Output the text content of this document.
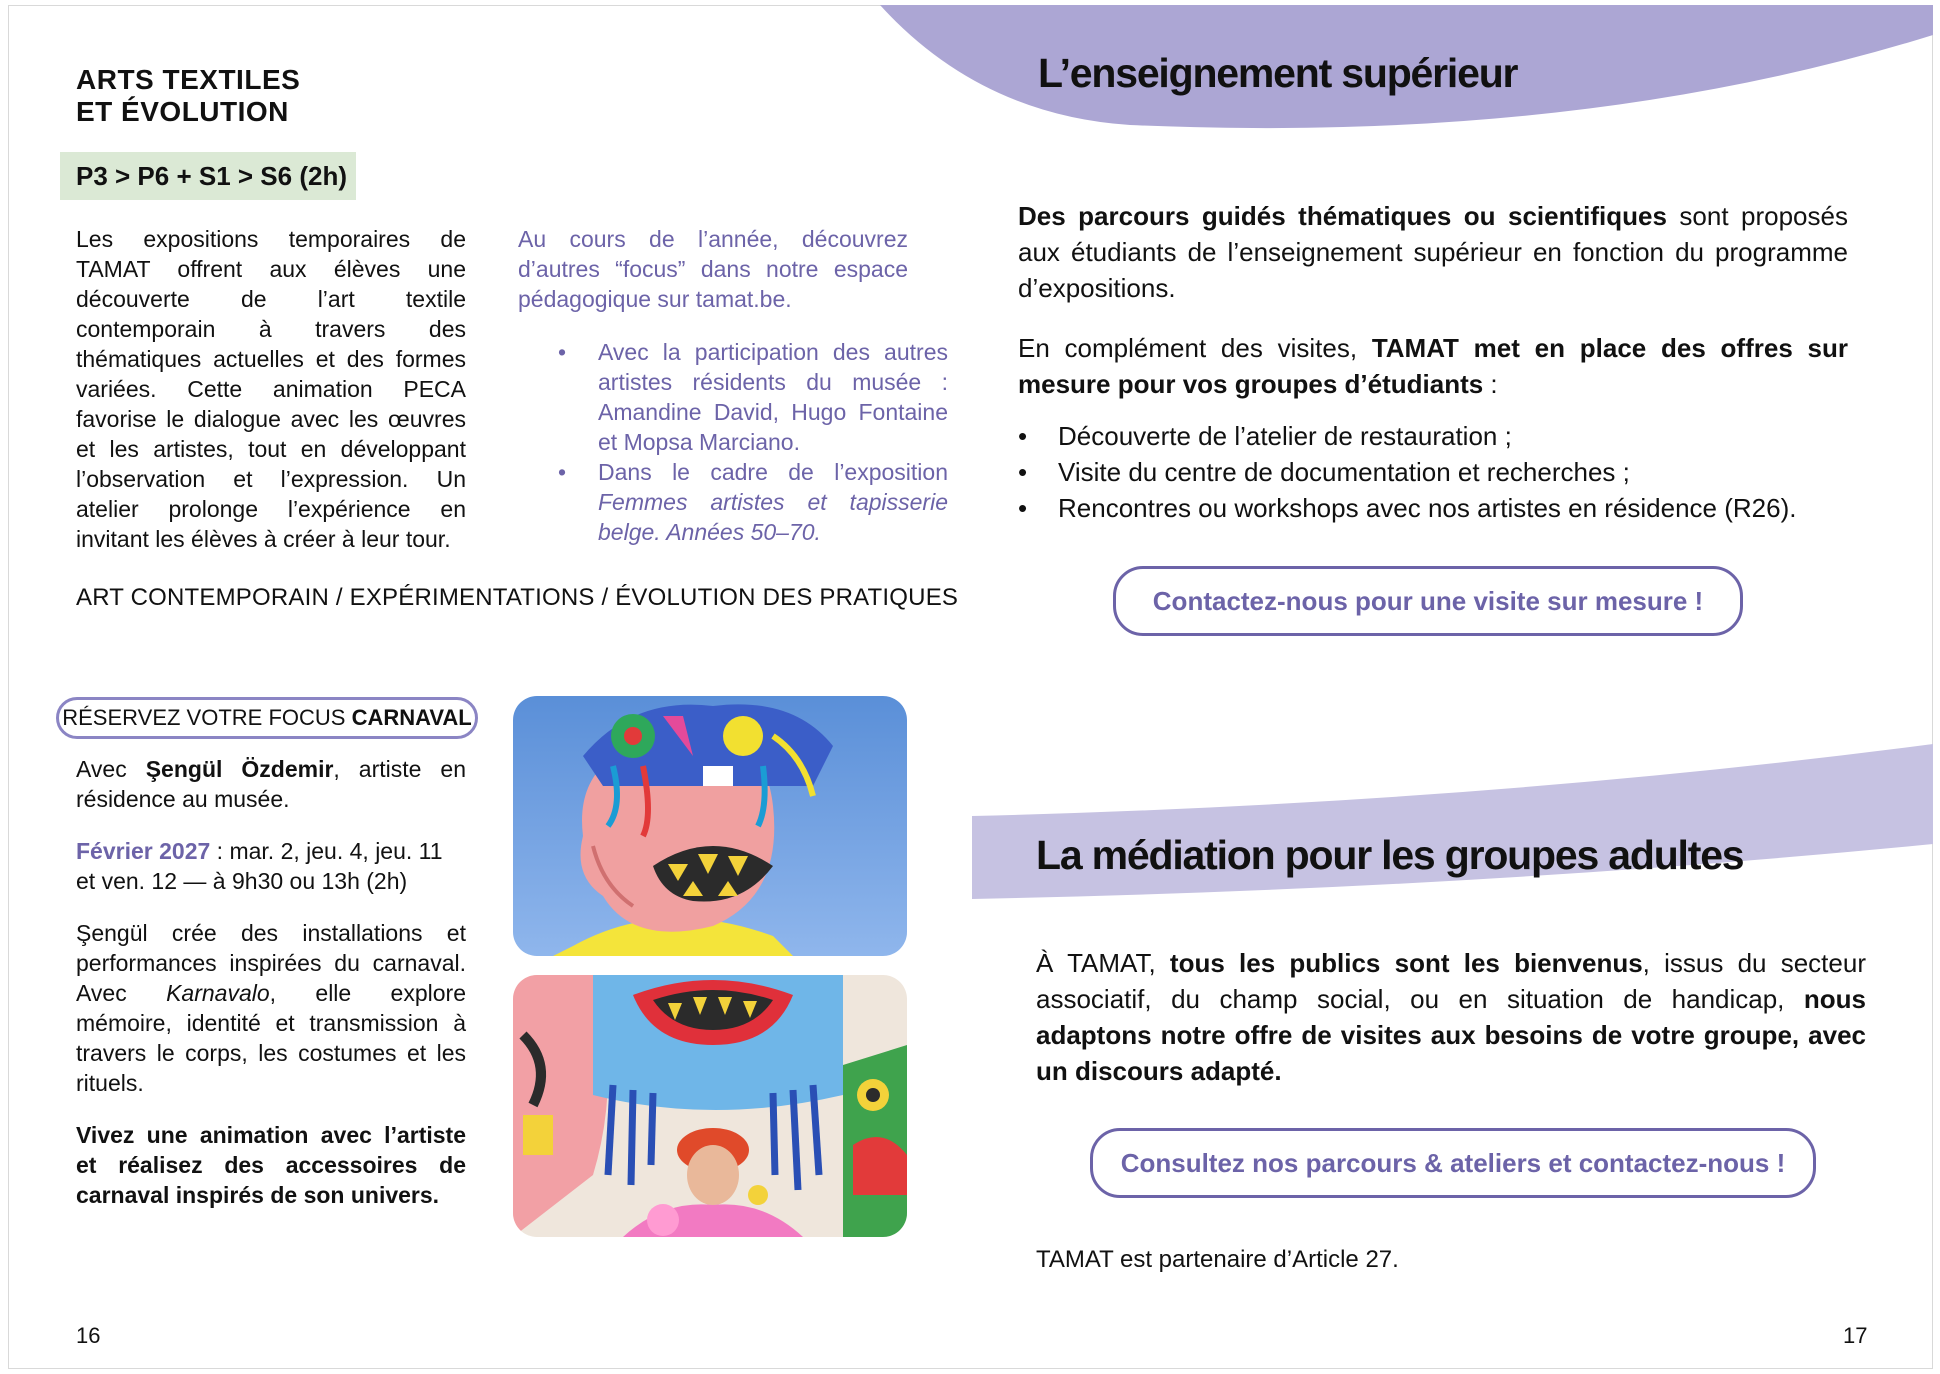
ARTS TEXTILES
ET ÉVOLUTION
P3 > P6 + S1 > S6 (2h)
Les expositions temporaires de TAMAT offrent aux élèves une découverte de l’art textile contemporain à travers des thématiques actuelles et des formes variées. Cette animation PECA favorise le dialogue avec les œuvres et les artistes, tout en développant l’observation et l’expression. Un atelier prolonge l’expérience en invitant les élèves à créer à leur tour.
Au cours de l’année, découvrez d’autres “focus” dans notre espace pédagogique sur tamat.be.
• Avec la participation des autres artistes résidents du musée : Amandine David, Hugo Fontaine et Mopsa Marciano.
• Dans le cadre de l’exposition Femmes artistes et tapisserie belge. Années 50–70.
ART CONTEMPORAIN / EXPÉRIMENTATIONS / ÉVOLUTION DES PRATIQUES
RÉSERVEZ VOTRE FOCUS CARNAVAL
Avec Şengül Özdemir, artiste en résidence au musée.
Février 2027 : mar. 2, jeu. 4, jeu. 11 et ven. 12 — à 9h30 ou 13h (2h)
Şengül crée des installations et performances inspirées du carnaval. Avec Karnavalo, elle explore mémoire, identité et transmission à travers le corps, les costumes et les rituels.
Vivez une animation avec l’artiste et réalisez des accessoires de carnaval inspirés de son univers.
16
L’enseignement supérieur
Des parcours guidés thématiques ou scientifiques sont proposés aux étudiants de l’enseignement supérieur en fonction du programme d’expositions.
En complément des visites, TAMAT met en place des offres sur mesure pour vos groupes d’étudiants :
• Découverte de l’atelier de restauration ;
• Visite du centre de documentation et recherches ;
• Rencontres ou workshops avec nos artistes en résidence (R26).
Contactez-nous pour une visite sur mesure !
La médiation pour les groupes adultes
À TAMAT, tous les publics sont les bienvenus, issus du secteur associatif, du champ social, ou en situation de handicap, nous adaptons notre offre de visites aux besoins de votre groupe, avec un discours adapté.
Consultez nos parcours & ateliers et contactez-nous !
TAMAT est partenaire d’Article 27.
17
